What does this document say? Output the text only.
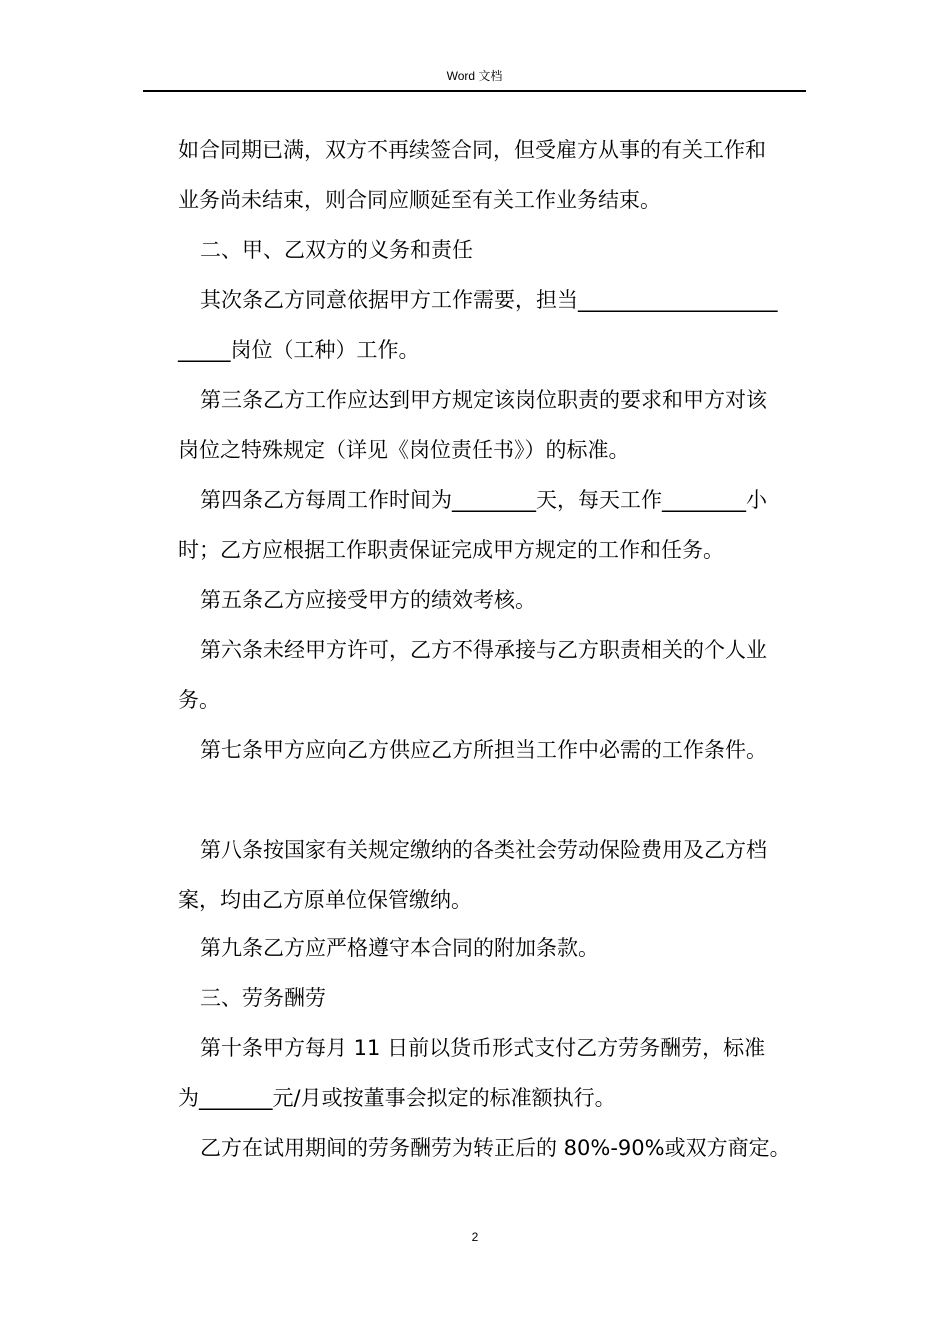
Word 文档
如合同期已满，双方不再续签合同，但受雇方从事的有关工作和
业务尚未结束，则合同应顺延至有关工作业务结束。
二、甲、乙双方的义务和责任
其次条乙方同意依据甲方工作需要，担当___________________
_____岗位（工种）工作。
第三条乙方工作应达到甲方规定该岗位职责的要求和甲方对该
岗位之特殊规定（详见《岗位责任书》）的标准。
第四条乙方每周工作时间为________天，每天工作________小
时；乙方应根据工作职责保证完成甲方规定的工作和任务。
第五条乙方应接受甲方的绩效考核。
第六条未经甲方许可，乙方不得承接与乙方职责相关的个人业
务。
第七条甲方应向乙方供应乙方所担当工作中必需的工作条件。
第八条按国家有关规定缴纳的各类社会劳动保险费用及乙方档
案，均由乙方原单位保管缴纳。
第九条乙方应严格遵守本合同的附加条款。
三、劳务酬劳
第十条甲方每月 11 日前以货币形式支付乙方劳务酬劳，标准
为_______元/月或按董事会拟定的标准额执行。
乙方在试用期间的劳务酬劳为转正后的 80%-90%或双方商定。
2
